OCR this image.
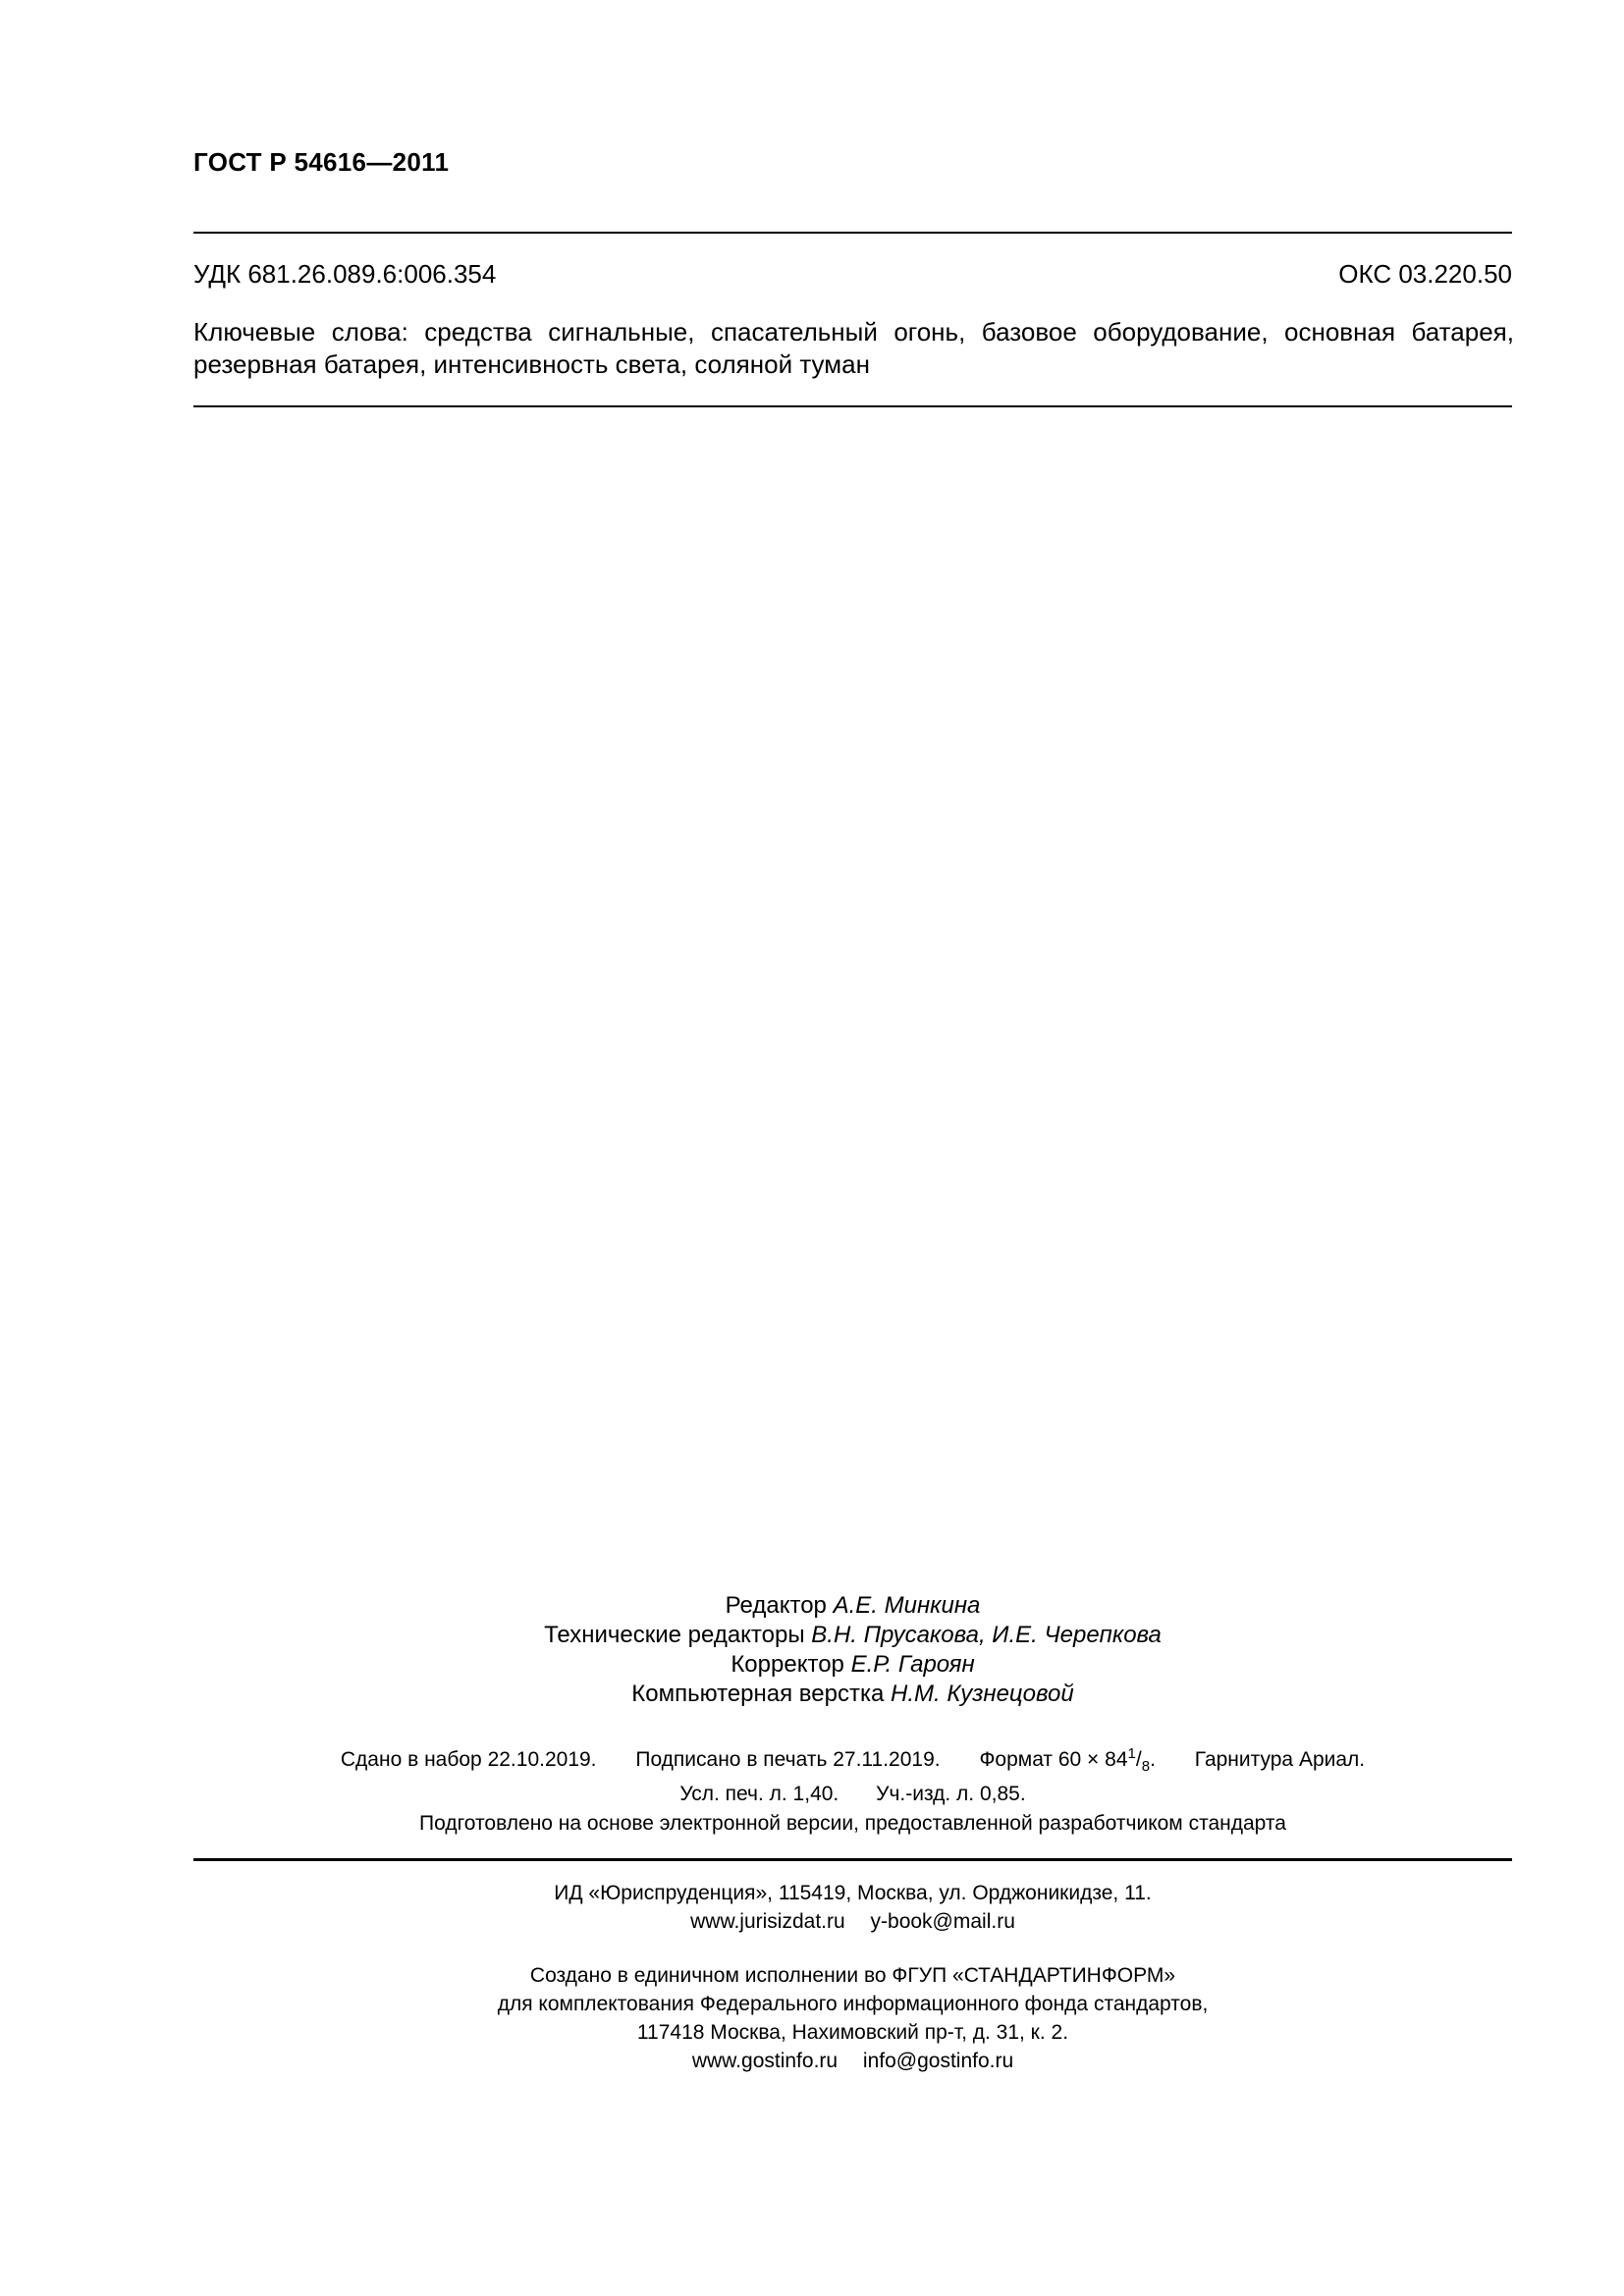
ГОСТ Р 54616—2011
УДК 681.26.089.6:006.354	ОКС 03.220.50
Ключевые слова: средства сигнальные, спасательный огонь, базовое оборудование, основная батарея, резервная батарея, интенсивность света, соляной туман
Редактор А.Е. Минкина
Технические редакторы В.Н. Прусакова, И.Е. Черепкова
Корректор Е.Р. Гароян
Компьютерная верстка Н.М. Кузнецовой
Сдано в набор 22.10.2019. Подписано в печать 27.11.2019. Формат $60 \times 84^1/_8$. Гарнитура Ариал.
Усл. печ. л. 1,40. Уч.-изд. л. 0,85.
Подготовлено на основе электронной версии, предоставленной разработчиком стандарта
ИД «Юриспруденция», 115419, Москва, ул. Орджоникидзе, 11.
www.jurisizdat.ru y-book@mail.ru
Создано в единичном исполнении во ФГУП «СТАНДАРТИНФОРМ»
для комплектования Федерального информационного фонда стандартов,
117418 Москва, Нахимовский пр-т, д. 31, к. 2.
www.gostinfo.ru info@gostinfo.ru
